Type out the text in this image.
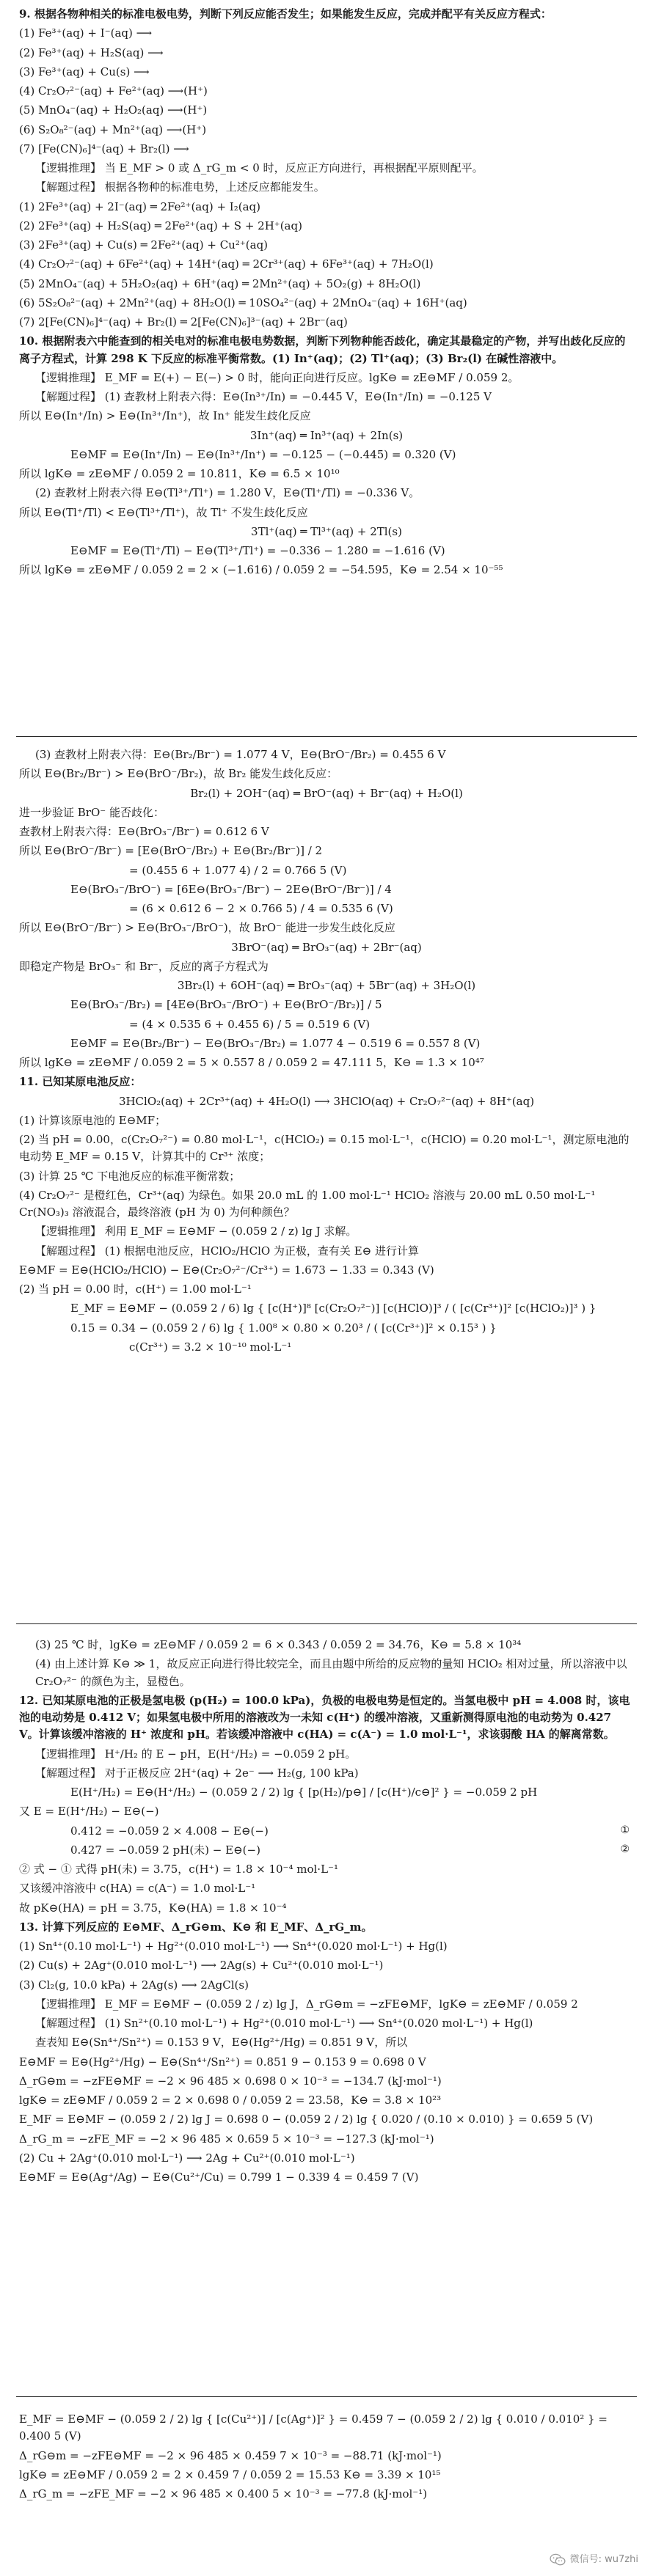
9. 根据各物种相关的标准电极电势，判断下列反应能否发生；如果能发生反应，完成并配平有关反应方程式：

(1) Fe³⁺(aq) + I⁻(aq) ⟶

(2) Fe³⁺(aq) + H₂S(aq) ⟶

(3) Fe³⁺(aq) + Cu(s) ⟶

(4) Cr₂O₇²⁻(aq) + Fe²⁺(aq) ⟶(H⁺)

(5) MnO₄⁻(aq) + H₂O₂(aq) ⟶(H⁺)

(6) S₂O₈²⁻(aq) + Mn²⁺(aq) ⟶(H⁺)

(7) [Fe(CN)₆]⁴⁻(aq) + Br₂(l) ⟶

【逻辑推理】 当 E_MF > 0 或 Δ_rG_m < 0 时，反应正方向进行，再根据配平原则配平。

【解题过程】 根据各物种的标准电势，上述反应都能发生。

(1) 2Fe³⁺(aq) + 2I⁻(aq) ═ 2Fe²⁺(aq) + I₂(aq)

(2) 2Fe³⁺(aq) + H₂S(aq) ═ 2Fe²⁺(aq) + S + 2H⁺(aq)

(3) 2Fe³⁺(aq) + Cu(s) ═ 2Fe²⁺(aq) + Cu²⁺(aq)

(4) Cr₂O₇²⁻(aq) + 6Fe²⁺(aq) + 14H⁺(aq) ═ 2Cr³⁺(aq) + 6Fe³⁺(aq) + 7H₂O(l)

(5) 2MnO₄⁻(aq) + 5H₂O₂(aq) + 6H⁺(aq) ═ 2Mn²⁺(aq) + 5O₂(g) + 8H₂O(l)

(6) 5S₂O₈²⁻(aq) + 2Mn²⁺(aq) + 8H₂O(l) ═ 10SO₄²⁻(aq) + 2MnO₄⁻(aq) + 16H⁺(aq)

(7) 2[Fe(CN)₆]⁴⁻(aq) + Br₂(l) ═ 2[Fe(CN)₆]³⁻(aq) + 2Br⁻(aq)

10. 根据附表六中能查到的相关电对的标准电极电势数据，判断下列物种能否歧化，确定其最稳定的产物，并写出歧化反应的离子方程式，计算 298 K 下反应的标准平衡常数。(1) In⁺(aq)；(2) Tl⁺(aq)；(3) Br₂(l) 在碱性溶液中。

【逻辑推理】 E_MF = E(+) − E(−) > 0 时，能向正向进行反应。lgK⊖ = zE⊖MF / 0.059 2。

【解题过程】 (1) 查教材上附表六得：E⊖(In³⁺/In) = −0.445 V，E⊖(In⁺/In) = −0.125 V

所以 E⊖(In⁺/In) > E⊖(In³⁺/In⁺)，故 In⁺ 能发生歧化反应

3In⁺(aq) ═ In³⁺(aq) + 2In(s)

E⊖MF = E⊖(In⁺/In) − E⊖(In³⁺/In⁺) = −0.125 − (−0.445) = 0.320 (V)

所以 lgK⊖ = zE⊖MF / 0.059 2 = 10.811，K⊖ = 6.5 × 10¹⁰

(2) 查教材上附表六得 E⊖(Tl³⁺/Tl⁺) = 1.280 V，E⊖(Tl⁺/Tl) = −0.336 V。

所以 E⊖(Tl⁺/Tl) < E⊖(Tl³⁺/Tl⁺)，故 Tl⁺ 不发生歧化反应

3Tl⁺(aq) ═ Tl³⁺(aq) + 2Tl(s)

E⊖MF = E⊖(Tl⁺/Tl) − E⊖(Tl³⁺/Tl⁺) = −0.336 − 1.280 = −1.616 (V)

所以 lgK⊖ = zE⊖MF / 0.059 2 = 2 × (−1.616) / 0.059 2 = −54.595，K⊖ = 2.54 × 10⁻⁵⁵

(3) 查教材上附表六得：E⊖(Br₂/Br⁻) = 1.077 4 V，E⊖(BrO⁻/Br₂) = 0.455 6 V

所以 E⊖(Br₂/Br⁻) > E⊖(BrO⁻/Br₂)，故 Br₂ 能发生歧化反应：

Br₂(l) + 2OH⁻(aq) ═ BrO⁻(aq) + Br⁻(aq) + H₂O(l)

进一步验证 BrO⁻ 能否歧化：

查教材上附表六得：E⊖(BrO₃⁻/Br⁻) = 0.612 6 V

所以 E⊖(BrO⁻/Br⁻) = [E⊖(BrO⁻/Br₂) + E⊖(Br₂/Br⁻)] / 2

= (0.455 6 + 1.077 4) / 2 = 0.766 5 (V)

E⊖(BrO₃⁻/BrO⁻) = [6E⊖(BrO₃⁻/Br⁻) − 2E⊖(BrO⁻/Br⁻)] / 4

= (6 × 0.612 6 − 2 × 0.766 5) / 4 = 0.535 6 (V)

所以 E⊖(BrO⁻/Br⁻) > E⊖(BrO₃⁻/BrO⁻)，故 BrO⁻ 能进一步发生歧化反应

3BrO⁻(aq) ═ BrO₃⁻(aq) + 2Br⁻(aq)

即稳定产物是 BrO₃⁻ 和 Br⁻，反应的离子方程式为

3Br₂(l) + 6OH⁻(aq) ═ BrO₃⁻(aq) + 5Br⁻(aq) + 3H₂O(l)

E⊖(BrO₃⁻/Br₂) = [4E⊖(BrO₃⁻/BrO⁻) + E⊖(BrO⁻/Br₂)] / 5

= (4 × 0.535 6 + 0.455 6) / 5 = 0.519 6 (V)

E⊖MF = E⊖(Br₂/Br⁻) − E⊖(BrO₃⁻/Br₂) = 1.077 4 − 0.519 6 = 0.557 8 (V)

所以 lgK⊖ = zE⊖MF / 0.059 2 = 5 × 0.557 8 / 0.059 2 = 47.111 5，K⊖ = 1.3 × 10⁴⁷

11. 已知某原电池反应：

3HClO₂(aq) + 2Cr³⁺(aq) + 4H₂O(l) ⟶ 3HClO(aq) + Cr₂O₇²⁻(aq) + 8H⁺(aq)

(1) 计算该原电池的 E⊖MF；

(2) 当 pH = 0.00，c(Cr₂O₇²⁻) = 0.80 mol·L⁻¹，c(HClO₂) = 0.15 mol·L⁻¹，c(HClO) = 0.20 mol·L⁻¹，测定原电池的电动势 E_MF = 0.15 V，计算其中的 Cr³⁺ 浓度；

(3) 计算 25 ℃ 下电池反应的标准平衡常数；

(4) Cr₂O₇²⁻ 是橙红色，Cr³⁺(aq) 为绿色。如果 20.0 mL 的 1.00 mol·L⁻¹ HClO₂ 溶液与 20.00 mL 0.50 mol·L⁻¹ Cr(NO₃)₃ 溶液混合，最终溶液 (pH 为 0) 为何种颜色？

【逻辑推理】 利用 E_MF = E⊖MF − (0.059 2 / z) lg J 求解。

【解题过程】 (1) 根据电池反应，HClO₂/HClO 为正极，查有关 E⊖ 进行计算

E⊖MF = E⊖(HClO₂/HClO) − E⊖(Cr₂O₇²⁻/Cr³⁺) = 1.673 − 1.33 = 0.343 (V)

(2) 当 pH = 0.00 时，c(H⁺) = 1.00 mol·L⁻¹

E_MF = E⊖MF − (0.059 2 / 6) lg { [c(H⁺)]⁸ [c(Cr₂O₇²⁻)] [c(HClO)]³ / ( [c(Cr³⁺)]² [c(HClO₂)]³ ) }

0.15 = 0.34 − (0.059 2 / 6) lg { 1.00⁸ × 0.80 × 0.20³ / ( [c(Cr³⁺)]² × 0.15³ ) }

c(Cr³⁺) = 3.2 × 10⁻¹⁰ mol·L⁻¹

(3) 25 ℃ 时，lgK⊖ = zE⊖MF / 0.059 2 = 6 × 0.343 / 0.059 2 = 34.76，K⊖ = 5.8 × 10³⁴

(4) 由上述计算 K⊖ ≫ 1，故反应正向进行得比较完全，而且由题中所给的反应物的量知 HClO₂ 相对过量，所以溶液中以 Cr₂O₇²⁻ 的颜色为主，显橙色。

12. 已知某原电池的正极是氢电极 (p(H₂) = 100.0 kPa)，负极的电极电势是恒定的。当氢电极中 pH = 4.008 时，该电池的电动势是 0.412 V；如果氢电极中所用的溶液改为一未知 c(H⁺) 的缓冲溶液，又重新测得原电池的电动势为 0.427 V。计算该缓冲溶液的 H⁺ 浓度和 pH。若该缓冲溶液中 c(HA) = c(A⁻) = 1.0 mol·L⁻¹，求该弱酸 HA 的解离常数。

【逻辑推理】 H⁺/H₂ 的 E − pH，E(H⁺/H₂) = −0.059 2 pH。

【解题过程】 对于正极反应 2H⁺(aq) + 2e⁻ ⟶ H₂(g, 100 kPa)

E(H⁺/H₂) = E⊖(H⁺/H₂) − (0.059 2 / 2) lg { [p(H₂)/p⊖] / [c(H⁺)/c⊖]² } = −0.059 2 pH

又 E = E(H⁺/H₂) − E⊖(−)

0.412 = −0.059 2 × 4.008 − E⊖(−)	①

0.427 = −0.059 2 pH(未) − E⊖(−)	②

② 式 − ① 式得 pH(未) = 3.75，c(H⁺) = 1.8 × 10⁻⁴ mol·L⁻¹

又该缓冲溶液中 c(HA) = c(A⁻) = 1.0 mol·L⁻¹

故 pK⊖(HA) = pH = 3.75，K⊖(HA) = 1.8 × 10⁻⁴

13. 计算下列反应的 E⊖MF、Δ_rG⊖m、K⊖ 和 E_MF、Δ_rG_m。

(1) Sn⁴⁺(0.10 mol·L⁻¹) + Hg²⁺(0.010 mol·L⁻¹) ⟶ Sn⁴⁺(0.020 mol·L⁻¹) + Hg(l)

(2) Cu(s) + 2Ag⁺(0.010 mol·L⁻¹) ⟶ 2Ag(s) + Cu²⁺(0.010 mol·L⁻¹)

(3) Cl₂(g, 10.0 kPa) + 2Ag(s) ⟶ 2AgCl(s)

【逻辑推理】 E_MF = E⊖MF − (0.059 2 / z) lg J，Δ_rG⊖m = −zFE⊖MF，lgK⊖ = zE⊖MF / 0.059 2

【解题过程】 (1) Sn²⁺(0.10 mol·L⁻¹) + Hg²⁺(0.010 mol·L⁻¹) ⟶ Sn⁴⁺(0.020 mol·L⁻¹) + Hg(l)

查表知 E⊖(Sn⁴⁺/Sn²⁺) = 0.153 9 V，E⊖(Hg²⁺/Hg) = 0.851 9 V，所以

E⊖MF = E⊖(Hg²⁺/Hg) − E⊖(Sn⁴⁺/Sn²⁺) = 0.851 9 − 0.153 9 = 0.698 0 V

Δ_rG⊖m = −zFE⊖MF = −2 × 96 485 × 0.698 0 × 10⁻³ = −134.7 (kJ·mol⁻¹)

lgK⊖ = zE⊖MF / 0.059 2 = 2 × 0.698 0 / 0.059 2 = 23.58，K⊖ = 3.8 × 10²³

E_MF = E⊖MF − (0.059 2 / 2) lg J = 0.698 0 − (0.059 2 / 2) lg { 0.020 / (0.10 × 0.010) } = 0.659 5 (V)

Δ_rG_m = −zFE_MF = −2 × 96 485 × 0.659 5 × 10⁻³ = −127.3 (kJ·mol⁻¹)

(2) Cu + 2Ag⁺(0.010 mol·L⁻¹) ⟶ 2Ag + Cu²⁺(0.010 mol·L⁻¹)

E⊖MF = E⊖(Ag⁺/Ag) − E⊖(Cu²⁺/Cu) = 0.799 1 − 0.339 4 = 0.459 7 (V)

E_MF = E⊖MF − (0.059 2 / 2) lg { [c(Cu²⁺)] / [c(Ag⁺)]² } = 0.459 7 − (0.059 2 / 2) lg { 0.010 / 0.010² } = 0.400 5 (V)

Δ_rG⊖m = −zFE⊖MF = −2 × 96 485 × 0.459 7 × 10⁻³ = −88.71 (kJ·mol⁻¹)

lgK⊖ = zE⊖MF / 0.059 2 = 2 × 0.459 7 / 0.059 2 = 15.53 K⊖ = 3.39 × 10¹⁵

Δ_rG_m = −zFE_MF = −2 × 96 485 × 0.400 5 × 10⁻³ = −77.8 (kJ·mol⁻¹)

微信号: wu7zhi
